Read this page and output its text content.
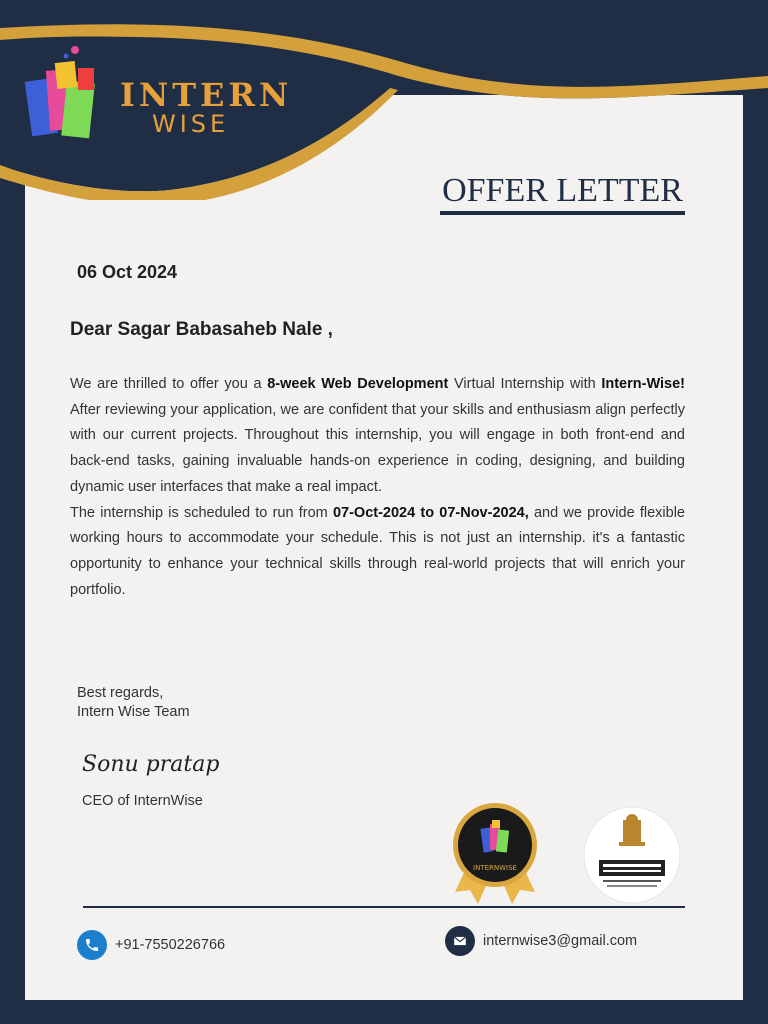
INTERN
WISE
OFFER LETTER
06 Oct 2024
Dear Sagar Babasaheb Nale ,

We are thrilled to offer you a 8-week Web Development Virtual Internship with Intern-Wise! After reviewing your application, we are confident that your skills and enthusiasm align perfectly with our current projects. Throughout this internship, you will engage in both front-end and back-end tasks, gaining invaluable hands-on experience in coding, designing, and building dynamic user interfaces that make a real impact.

The internship is scheduled to run from 07-Oct-2024 to 07-Nov-2024, and we provide flexible working hours to accommodate your schedule. This is not just an internship. it's a fantastic opportunity to enhance your technical skills through real-world projects that will enrich your portfolio.

Best regards,
Intern Wise Team
Sonu pratap
CEO of InternWise
INTERNWISE
+91-7550226766	internwise3@gmail.com
